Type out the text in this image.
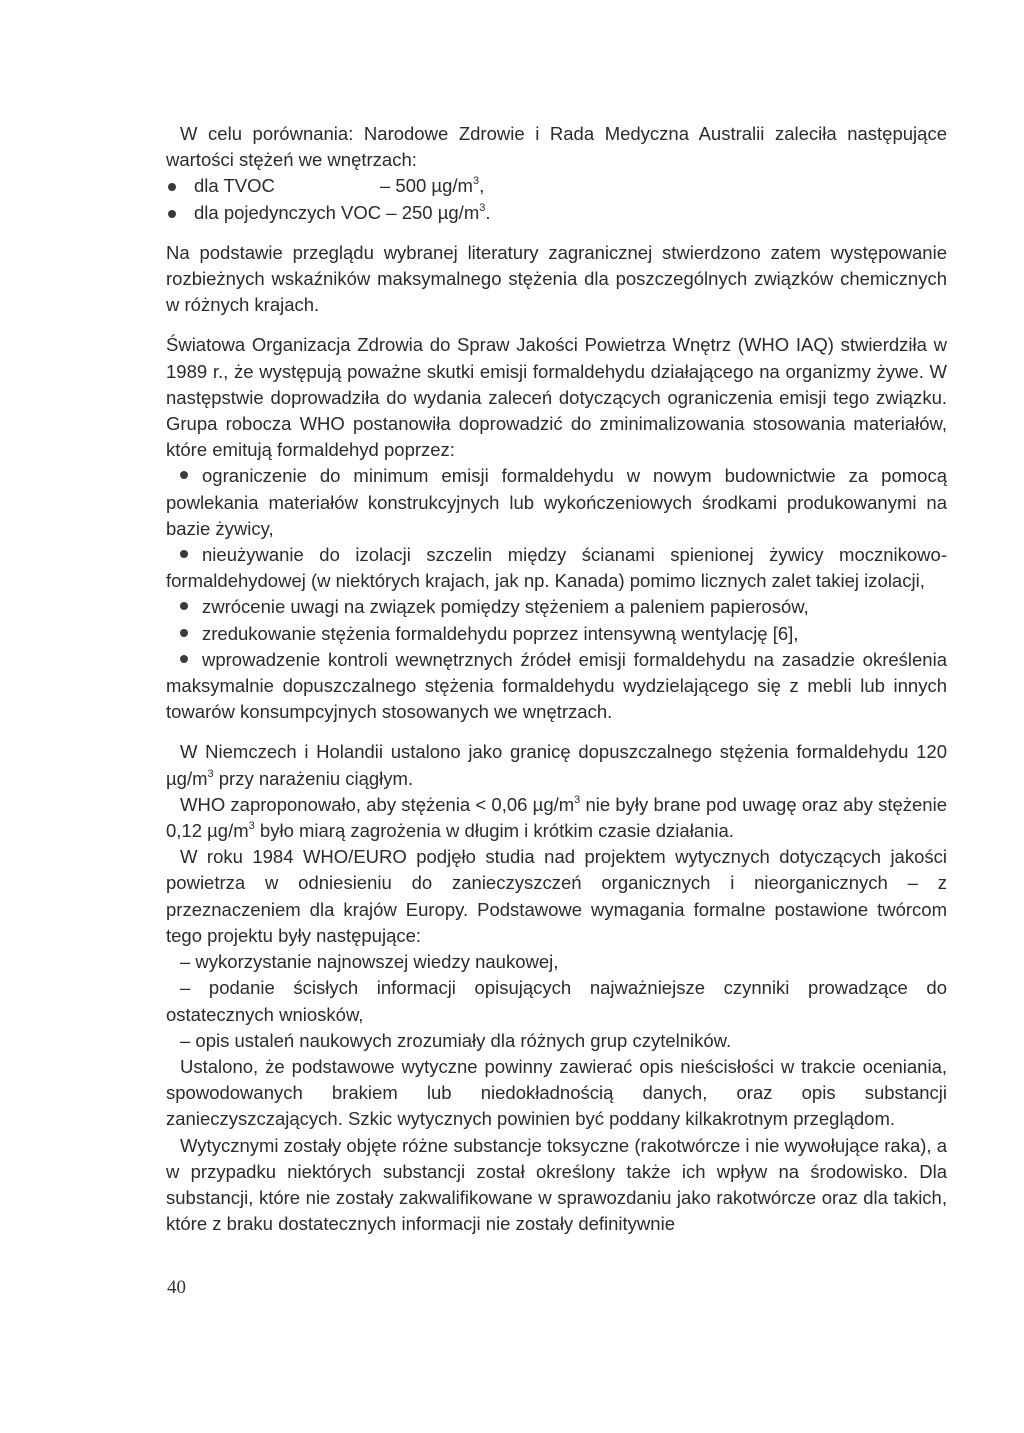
W celu porównania: Narodowe Zdrowie i Rada Medyczna Australii zaleciła następujące wartości stężeń we wnętrzach:

dla TVOC	– 500 $\mu g/m^3$,

dla pojedynczych VOC – 250 $\mu g/m^3$.

Na podstawie przeglądu wybranej literatury zagranicznej stwierdzono zatem występowanie rozbieżnych wskaźników maksymalnego stężenia dla poszczególnych związków chemicznych w różnych krajach.

Światowa Organizacja Zdrowia do Spraw Jakości Powietrza Wnętrz (WHO IAQ) stwierdziła w 1989 r., że występują poważne skutki emisji formaldehydu działającego na organizmy żywe. W następstwie doprowadziła do wydania zaleceń dotyczących ograniczenia emisji tego związku. Grupa robocza WHO postanowiła doprowadzić do zminimalizowania stosowania materiałów, które emitują formaldehyd poprzez:

ograniczenie do minimum emisji formaldehydu w nowym budownictwie za pomocą powlekania materiałów konstrukcyjnych lub wykończeniowych środkami produkowanymi na bazie żywicy,

nieużywanie do izolacji szczelin między ścianami spienionej żywicy mocznikowo-formaldehydowej (w niektórych krajach, jak np. Kanada) pomimo licznych zalet takiej izolacji,

zwrócenie uwagi na związek pomiędzy stężeniem a paleniem papierosów,

zredukowanie stężenia formaldehydu poprzez intensywną wentylację [6],

wprowadzenie kontroli wewnętrznych źródeł emisji formaldehydu na zasadzie określenia maksymalnie dopuszczalnego stężenia formaldehydu wydzielającego się z mebli lub innych towarów konsumpcyjnych stosowanych we wnętrzach.

W Niemczech i Holandii ustalono jako granicę dopuszczalnego stężenia formaldehydu 120 $\mu g/m^3$ przy narażeniu ciągłym.

WHO zaproponowało, aby stężenia < 0,06 $\mu g/m^3$ nie były brane pod uwagę oraz aby stężenie 0,12 $\mu g/m^3$ było miarą zagrożenia w długim i krótkim czasie działania.

W roku 1984 WHO/EURO podjęło studia nad projektem wytycznych dotyczących jakości powietrza w odniesieniu do zanieczyszczeń organicznych i nieorganicznych – z przeznaczeniem dla krajów Europy. Podstawowe wymagania formalne postawione twórcom tego projektu były następujące:

– wykorzystanie najnowszej wiedzy naukowej,

– podanie ścisłych informacji opisujących najważniejsze czynniki prowadzące do ostatecznych wniosków,

– opis ustaleń naukowych zrozumiały dla różnych grup czytelników.

Ustalono, że podstawowe wytyczne powinny zawierać opis nieścisłości w trakcie oceniania, spowodowanych brakiem lub niedokładnością danych, oraz opis substancji zanieczyszczających. Szkic wytycznych powinien być poddany kilkakrotnym przeglądom.

Wytycznymi zostały objęte różne substancje toksyczne (rakotwórcze i nie wywołujące raka), a w przypadku niektórych substancji został określony także ich wpływ na środowisko. Dla substancji, które nie zostały zakwalifikowane w sprawozdaniu jako rakotwórcze oraz dla takich, które z braku dostatecznych informacji nie zostały definitywnie

40
